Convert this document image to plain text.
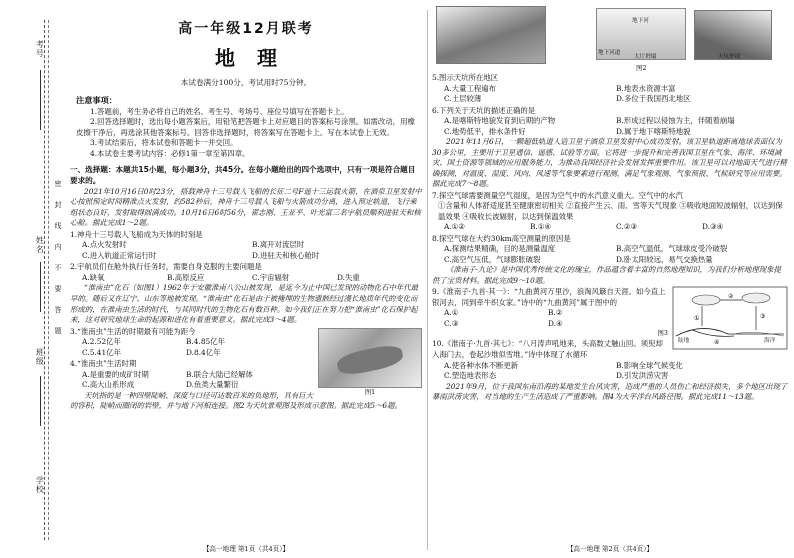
考号
姓名
班级
学校
密封线内不要答题
高一年级12月联考
地理
本试卷满分100分，考试用时75分钟。
注意事项：

1.答题前，考生务必将自己的姓名、考生号、考场号、座位号填写在答题卡上。

2.回答选择题时，选出每小题答案后，用铅笔把答题卡上对应题目的答案标号涂黑。如需改动，用橡皮擦干净后，再选涂其他答案标号。回答非选择题时，将答案写在答题卡上。写在本试卷上无效。

3.考试结束后，将本试卷和答题卡一并交回。

4.本试卷主要考试内容：必修1第一章至第四章。

一、选择题：本题共15小题，每小题3分，共45分。在每小题给出的四个选项中，只有一项是符合题目要求的。
2021年10月16日0时23分，搭载神舟十三号载人飞船的长征二号F遥十三运载火箭，在酒泉卫星发射中心按照预定时间精准点火发射，约582秒后，神舟十三号载人飞船与火箭成功分离，进入预定轨道，飞行乘组状态良好，发射取得圆满成功。10月16日6时56分，翟志刚、王亚平、叶光富三名宇航员顺利进驻天和核心舱。据此完成1～2题。
1.神舟十三号载人飞船成为天体的时刻是
A.点火发射时	B.离开对流层时
C.进入轨道正常运行时	D.进驻天和核心舱时
2.宇航员们在舱外执行任务时，需要自身克服的主要问题是
A.缺氧	B.高原反应	C.宇宙辐射	D.失重
“淮南虫”化石（如图1）1962年于安徽淮南八公山被发现，是迄今为止中国已发现的动物化石中年代最早的。随后又在辽宁、山东等地被发现。“淮南虫”化石是由于被掩埋的生物遗骸经过漫长地质年代的变化而形成的，在淮南虫生活的时代，与其同时代的生物化石有数百种。如今我们正在努力把“淮南虫”化石保护起来，这对研究地球生命的起源和进化有着重要意义。据此完成3～4题。
图1
3.“淮南虫”生活的时期最有可能为距今
A.2.52亿年	B.4.85亿年
C.5.41亿年	D.8.4亿年
4.“淮南虫”生活时期
A.是重要的成矿时期	B.联合大陆已经解体
C.高大山系形成	D.鱼类大量繁衍
天坑指的是一种四壁陡峭、深度与口径可达数百米的负地形，具有巨大的容积，陡峭而圈闭的岩壁，并与地下河相连接。图2为天坑景观图及形成示意图。据此完成5～6题。
【高一地理 第1页（共4页）】
地下河
地下河道
大厅坍塌	天坑形成
图2
5.图示天坑所在地区
A.大量工程遍布	B.地表水资源丰富
C.土层较薄	D.多位于我国西北地区
6.下列关于天坑的描述正确的是
A.是喀斯特地貌发育到后期的产物	B.形成过程以侵蚀为主，伴随着崩塌
C.地势低平，排水条件好	D.属于地下喀斯特地貌
2021年11月6日，一颗超低轨道人造卫星于酒泉卫星发射中心成功发射。该卫星轨道距离地球表面仅为30多公里，主要用于卫星通信、遥感、试验等方面。它将进一步提升和完善我国卫星在气象、海洋、环境减灾、国土资源等领域的应用服务能力，为推动我国经济社会发展发挥重要作用。该卫星可以对地面天气进行精确探测，对温度、湿度、风向、风速等气象要素进行观测，满足气象观测、气象预报、气候研究等应用需要。据此完成7～8题。
7.探空气球需要测量空气湿度，是因为空气中的水汽意义重大。空气中的水汽
①含量和人体舒适度甚至健康密切相关 ②直接产生云、雨、雪等天气现象 ③吸收地面短波辐射，以达到保温效果 ④吸收长波辐射，以达到保温效果
A.①②	B.①④	C.②③	D.③④
8.探空气球在大约30km高空测量的原因是
A.探测结果精确，目的是测量温度	B.高空气温低，气球球皮受冷破裂
C.高空气压低，气球膨胀破裂	D.卧太阳较远，易气交换热量
《淮南子·九论》是中国优秀传统文化的瑰宝，作品蕴含着丰富的自然地理知识，为我们分析地理现象提供了宝贵材料。据此完成9～10题。
①
②
③
④
陆地	海洋
9.《淮南子·九首·其一》：“九曲黄河万里沙，浪淘风簸自天涯。如今直上银河去，同到牵牛织女家。”诗中的“九曲黄河”属于图中的
A.①	B.②
C.③	D.④
图3
10.《淮南子·九首·其七》：“八月涛声吼地来，头高数丈触山回。须臾却入海门去，卷起沙堆似雪堆。”诗中体现了水循环
A.使各种水体不断更新	B.影响全球气候变化
C.塑造地表形态	D.引发洪涝灾害
2021年9月，位于我国东南沿海的某地发生台风灾害，造成严重的人员伤亡和经济损失，多个地区出现了暴雨洪涝灾害，对当地的生产生活造成了严重影响。图4为大平洋台风路径图。据此完成11～13题。
【高一地理 第2页（共4页）】
